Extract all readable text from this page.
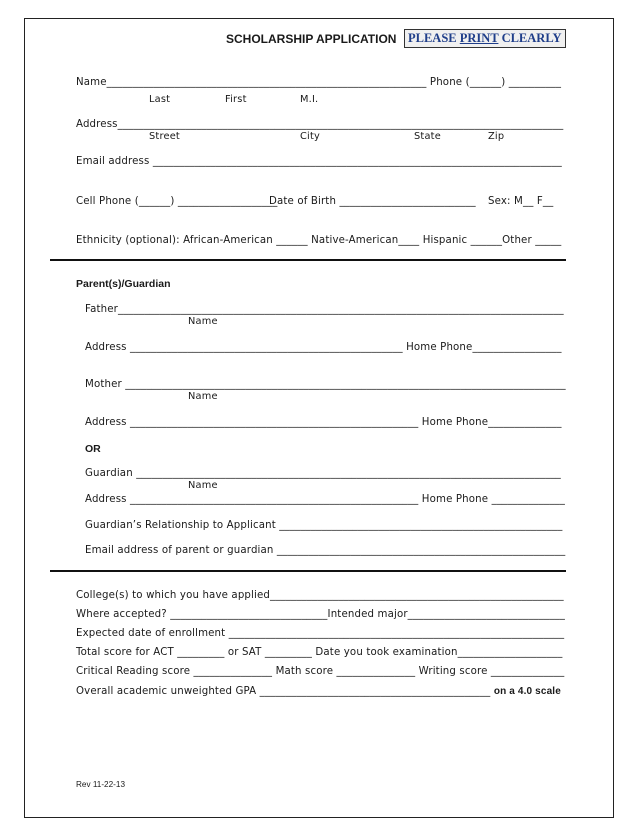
SCHOLARSHIP APPLICATION PLEASE PRINT CLEARLY
Name_____________________________________________________________ Phone (______) __________
Last	First	M.I.
Address_____________________________________________________________________________________
Street	City	State	Zip
Email address ______________________________________________________________________________
Cell Phone (______) ___________________
Date of Birth __________________________ Sex: M__ F__
Ethnicity (optional): African-American ______ Native-American____ Hispanic ______Other _____
Parent(s)/Guardian
Father_____________________________________________________________________________________
Name
Address ____________________________________________________ Home Phone_________________
Mother ____________________________________________________________________________________
Name
Address _______________________________________________________ Home Phone______________
OR
Guardian _________________________________________________________________________________
Name
Address _______________________________________________________ Home Phone ______________
Guardian’s Relationship to Applicant ______________________________________________________
Email address of parent or guardian _______________________________________________________
College(s) to which you have applied________________________________________________________
Where accepted? ______________________________Intended major______________________________
Expected date of enrollment ________________________________________________________________
Total score for ACT _________ or SAT _________ Date you took examination____________________
Critical Reading score _______________ Math score _______________ Writing score ______________
Overall academic unweighted GPA ____________________________________________ on a 4.0 scale
Rev 11-22-13
